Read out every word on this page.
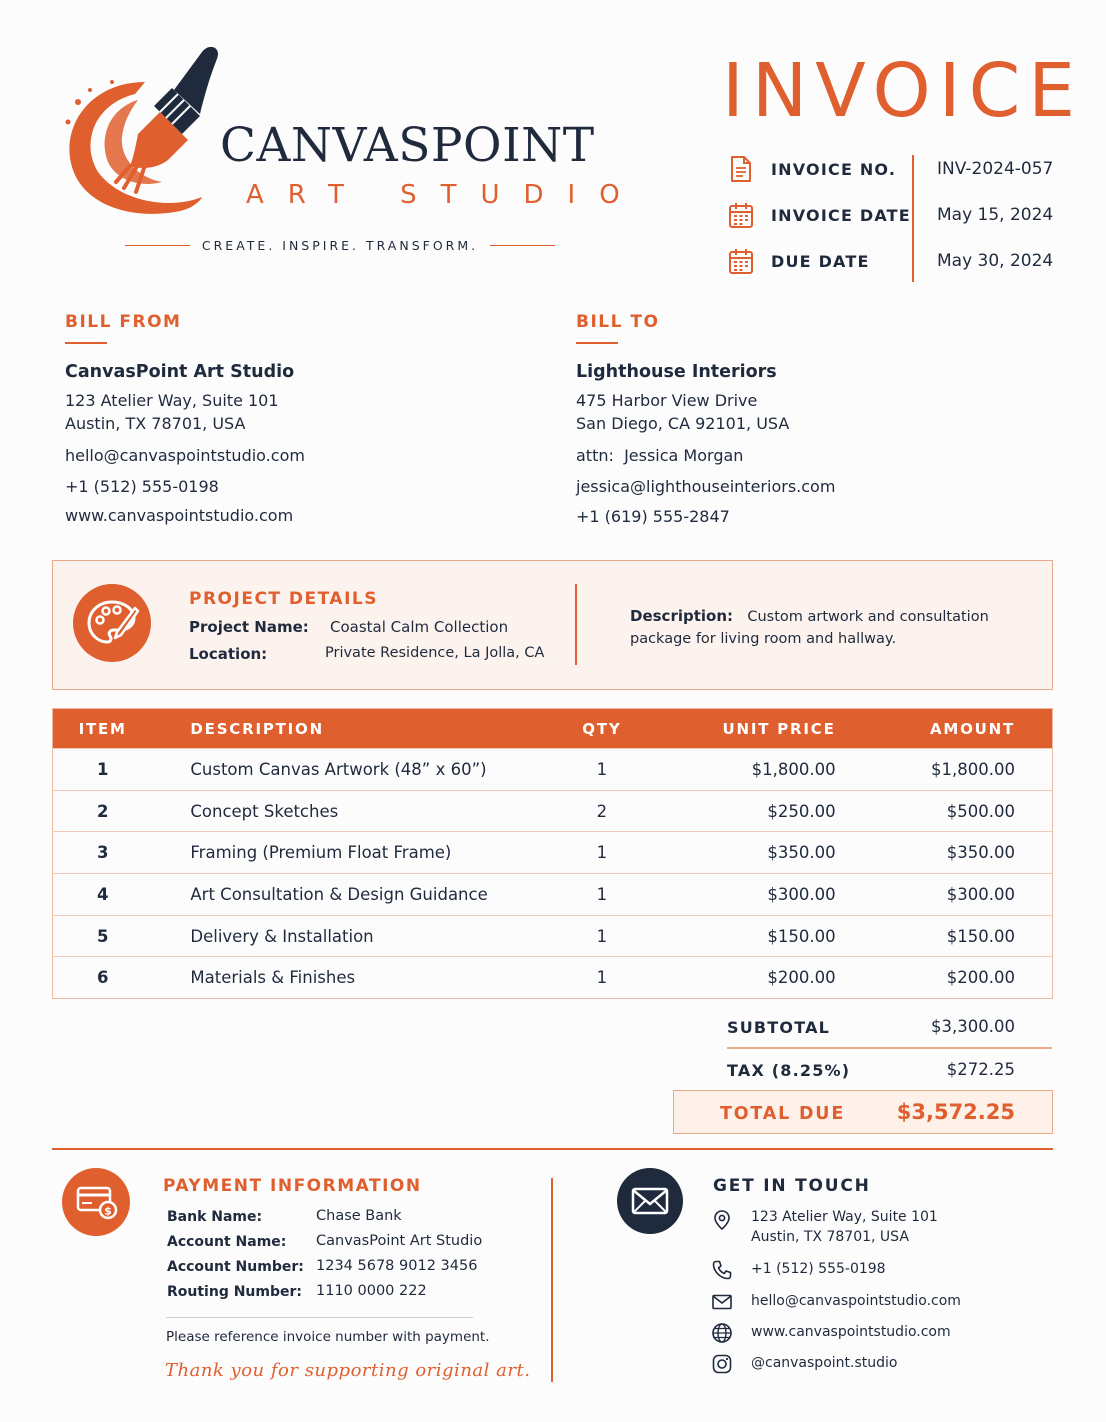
CANVASPOINT
ART STUDIO
CREATE. INSPIRE. TRANSFORM.
INVOICE
INVOICE NO. INV-2024-057
INVOICE DATE May 15, 2024
DUE DATE	May 30, 2024
BILL FROM
CanvasPoint Art Studio
123 Atelier Way, Suite 101
Austin, TX 78701, USA
hello@canvaspointstudio.com
+1 (512) 555-0198
www.canvaspointstudio.com
BILL TO
Lighthouse Interiors
475 Harbor View Drive
San Diego, CA 92101, USA
attn: Jessica Morgan
jessica@lighthouseinteriors.com
+1 (619) 555-2847
PROJECT DETAILS
Project Name: Coastal Calm Collection
Location:	Private Residence, La Jolla, CA
Description: Custom artwork and consultation
package for living room and hallway.
ITEM	DESCRIPTION	QTY	UNIT PRICE	AMOUNT
1	Custom Canvas Artwork (48” x 60”)	1	$1,800.00	$1,800.00
2	Concept Sketches	2	$250.00	$500.00
3	Framing (Premium Float Frame)	1	$350.00	$350.00
4	Art Consultation & Design Guidance	1	$300.00	$300.00
5	Delivery & Installation	1	$150.00	$150.00
6	Materials & Finishes	1	$200.00	$200.00
SUBTOTAL	$3,300.00
TAX (8.25%)	$272.25
TOTAL DUE	$3,572.25
$
PAYMENT INFORMATION
Bank Name:	Chase Bank
Account Name: CanvasPoint Art Studio
Account Number: 1234 5678 9012 3456
Routing Number: 1110 0000 222
Please reference invoice number with payment.
Thank you for supporting original art.
GET IN TOUCH
123 Atelier Way, Suite 101
Austin, TX 78701, USA
+1 (512) 555-0198
hello@canvaspointstudio.com
www.canvaspointstudio.com
@canvaspoint.studio
